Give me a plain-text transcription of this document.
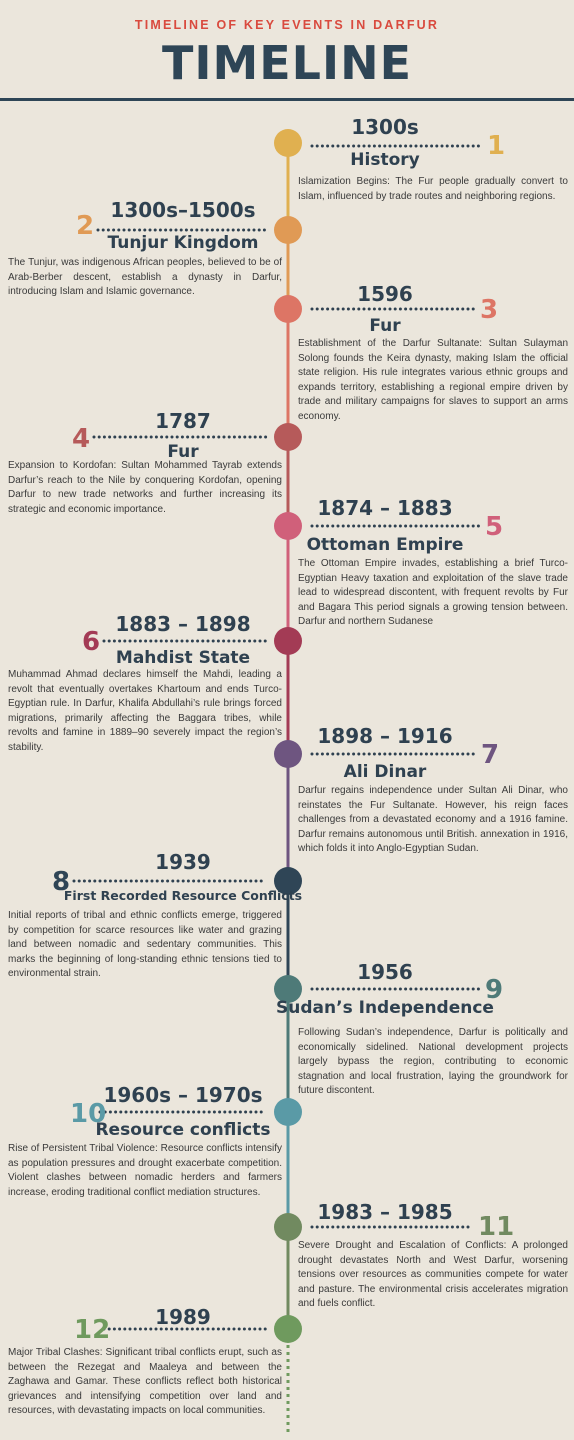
TIMELINE OF KEY EVENTS IN DARFUR
TIMELINE
1300s
History	1
Islamization Begins: The Fur people gradually convert to Islam, influenced by trade routes and neighboring regions.
1300s–1500s
Tunjur Kingdom
2
The Tunjur, was indigenous African peoples, believed to be of Arab-Berber descent, establish a dynasty in Darfur, introducing Islam and Islamic governance.	1596
Fur
3
Establishment of the Darfur Sultanate: Sultan Sulayman Solong founds the Keira dynasty, making Islam the official state religion. His rule integrates various ethnic groups and expands territory, establishing a regional empire driven by trade and military campaigns for slaves to support an arms economy.
1787
Fur
4
Expansion to Kordofan: Sultan Mohammed Tayrab extends Darfur’s reach to the Nile by conquering Kordofan, opening Darfur to new trade networks and further increasing its strategic and economic importance.	1874 – 1883
Ottoman Empire
5
The Ottoman Empire invades, establishing a brief Turco-Egyptian Heavy taxation and exploitation of the slave trade lead to widespread discontent, with frequent revolts by Fur and Bagara This period signals a growing tension between. Darfur and northern Sudanese
1883 – 1898
Mahdist State
6
Muhammad Ahmad declares himself the Mahdi, leading a revolt that eventually overtakes Khartoum and ends Turco-Egyptian rule. In Darfur, Khalifa Abdullahi’s rule brings forced migrations, primarily affecting the Baggara tribes, while revolts and famine in 1889–90 severely impact the region’s stability.	1898 – 1916
Ali Dinar
7
Darfur regains independence under Sultan Ali Dinar, who reinstates the Fur Sultanate. However, his reign faces challenges from a devastated economy and a 1916 famine. Darfur remains autonomous until British. annexation in 1916, which folds it into Anglo-Egyptian Sudan.
1939
First Recorded Resource Conflicts
8
Initial reports of tribal and ethnic conflicts emerge, triggered by competition for scarce resources like water and grazing land between nomadic and sedentary communities. This marks the beginning of long-standing ethnic tensions tied to environmental strain.	1956
Sudan’s Independence
9
Following Sudan’s independence, Darfur is politically and economically sidelined. National development projects largely bypass the region, contributing to economic stagnation and local frustration, laying the groundwork for future discontent.
1960s – 1970s
Resource conflicts
10
Rise of Persistent Tribal Violence: Resource conflicts intensify as population pressures and drought exacerbate competition. Violent clashes between nomadic herders and farmers increase, eroding traditional conflict mediation structures.
1983 – 1985 11
Severe Drought and Escalation of Conflicts: A prolonged drought devastates North and West Darfur, worsening tensions over resources as communities compete for water and pasture. The environmental crisis accelerates migration and fuels conflict.
1989
12
Major Tribal Clashes: Significant tribal conflicts erupt, such as between the Rezegat and Maaleya and between the Zaghawa and Gamar. These conflicts reflect both historical grievances and intensifying competition over land and resources, with devastating impacts on local communities.
